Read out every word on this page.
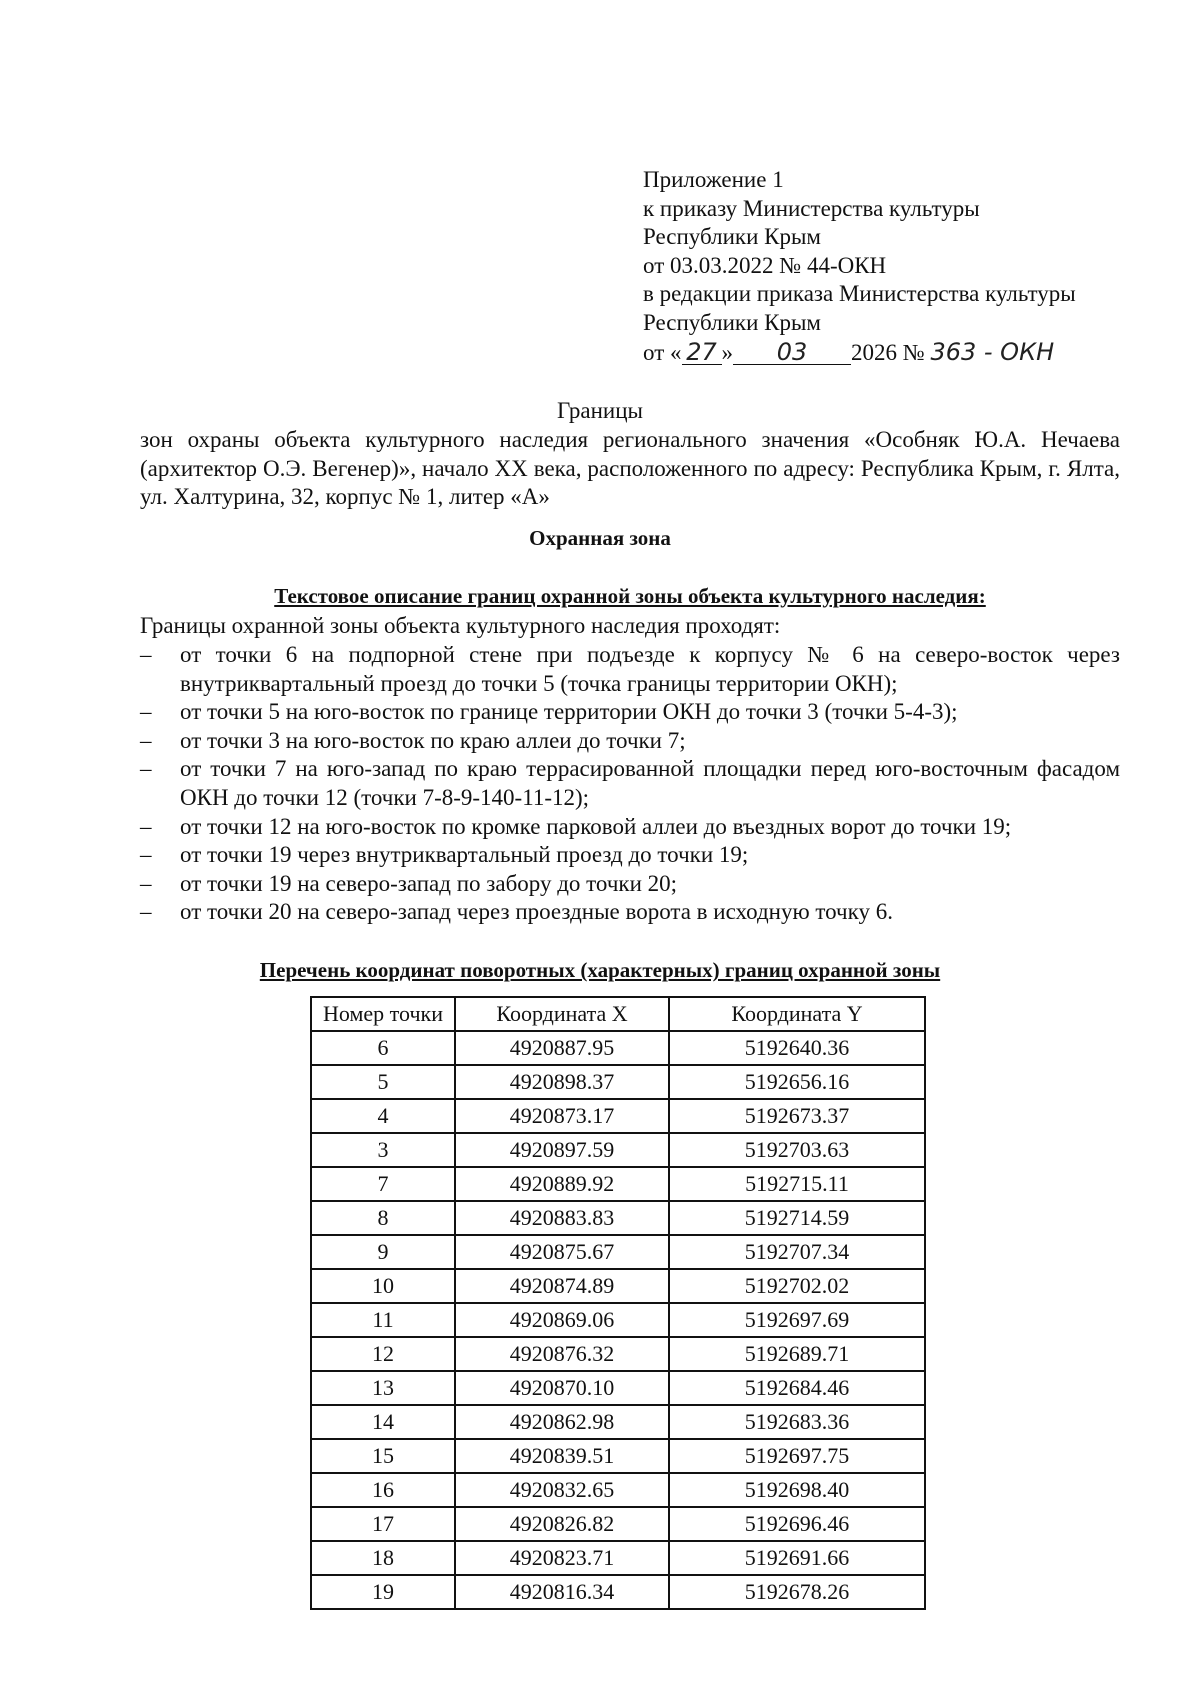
Приложение 1
к приказу Министерства культуры
Республики Крым
от 03.03.2022 № 44-ОКН
в редакции приказа Министерства культуры
Республики Крым
от « 27 » 03 2026 № 363 - ОКН
Границы
зон охраны объекта культурного наследия регионального значения «Особняк Ю.А. Нечаева (архитектор О.Э. Вегенер)», начало XX века, расположенного по адресу: Республика Крым, г. Ялта, ул. Халтурина, 32, корпус № 1, литер «А»
Охранная зона
Текстовое описание границ охранной зоны объекта культурного наследия:
Границы охранной зоны объекта культурного наследия проходят:
– от точки 6 на подпорной стене при подъезде к корпусу № 6 на северо-восток через внутриквартальный проезд до точки 5 (точка границы территории ОКН);
– от точки 5 на юго-восток по границе территории ОКН до точки 3 (точки 5-4-3);
– от точки 3 на юго-восток по краю аллеи до точки 7;
– от точки 7 на юго-запад по краю террасированной площадки перед юго-восточным фасадом ОКН до точки 12 (точки 7-8-9-140-11-12);
– от точки 12 на юго-восток по кромке парковой аллеи до въездных ворот до точки 19;
– от точки 19 через внутриквартальный проезд до точки 19;
– от точки 19 на северо-запад по забору до точки 20;
– от точки 20 на северо-запад через проездные ворота в исходную точку 6.
Перечень координат поворотных (характерных) границ охранной зоны
Номер точки	Координата X	Координата Y
6	4920887.95	5192640.36
5	4920898.37	5192656.16
4	4920873.17	5192673.37
3	4920897.59	5192703.63
7	4920889.92	5192715.11
8	4920883.83	5192714.59
9	4920875.67	5192707.34
10	4920874.89	5192702.02
11	4920869.06	5192697.69
12	4920876.32	5192689.71
13	4920870.10	5192684.46
14	4920862.98	5192683.36
15	4920839.51	5192697.75
16	4920832.65	5192698.40
17	4920826.82	5192696.46
18	4920823.71	5192691.66
19	4920816.34	5192678.26
